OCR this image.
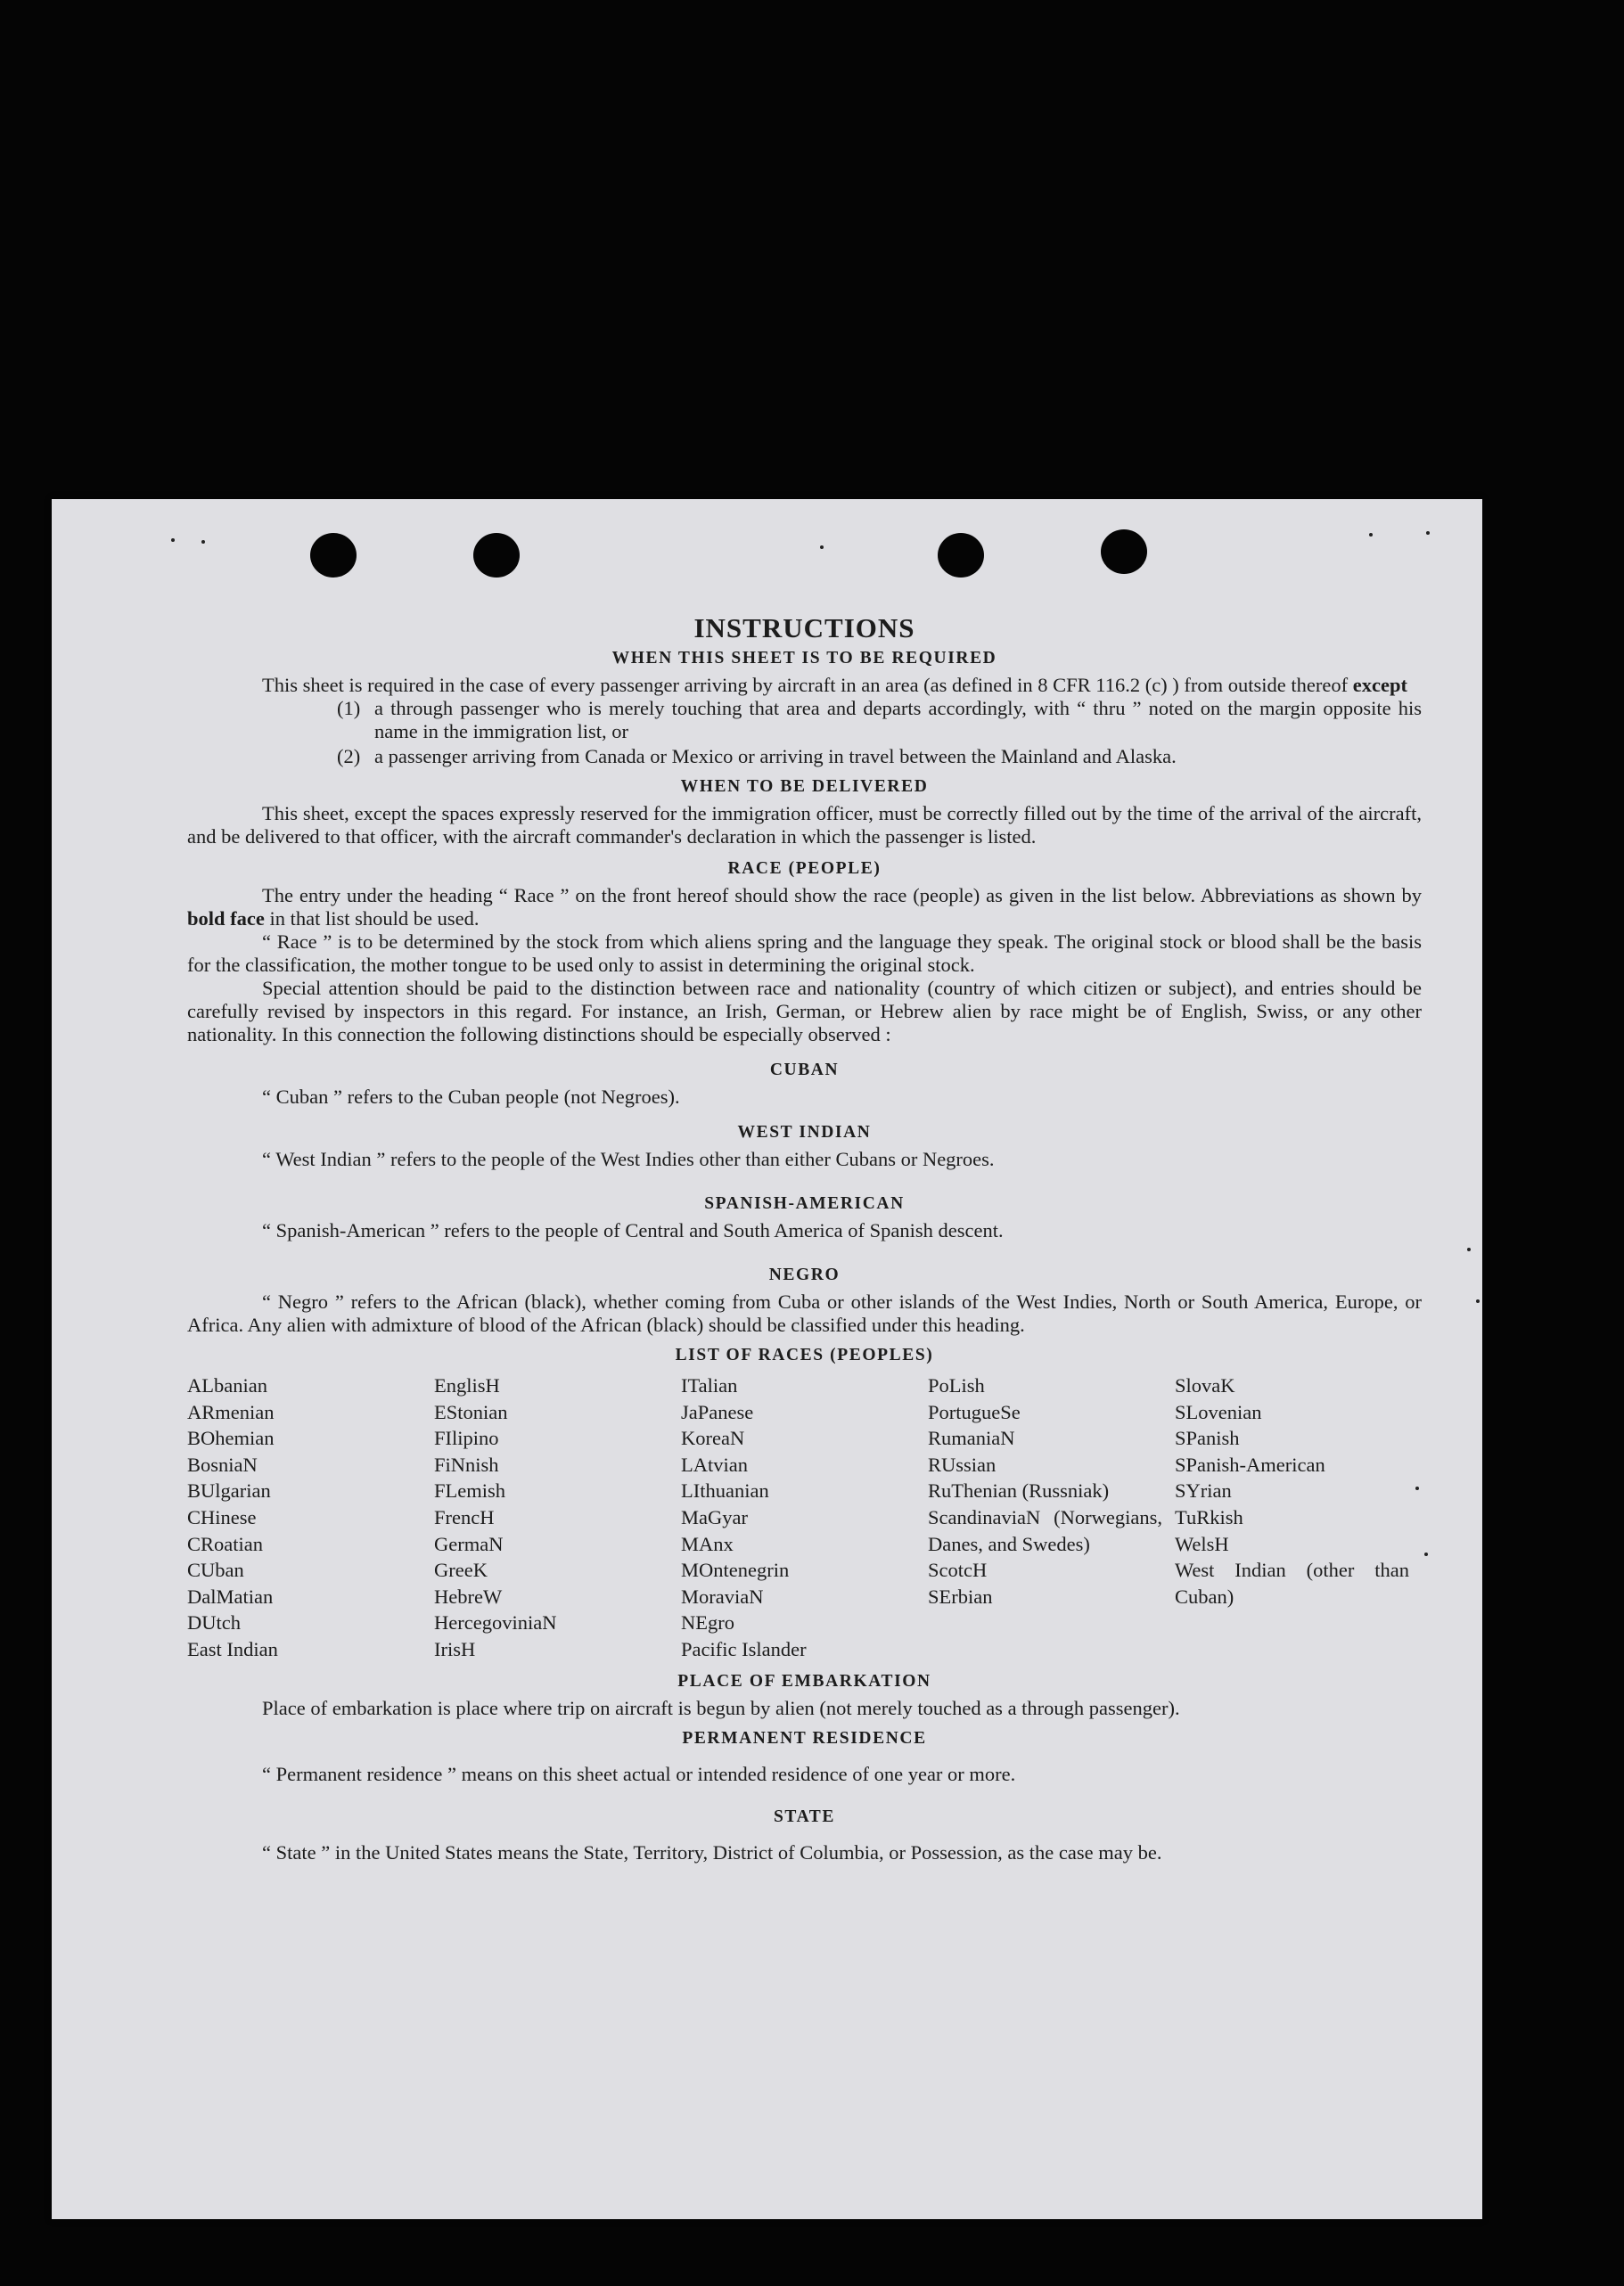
INSTRUCTIONS
WHEN THIS SHEET IS TO BE REQUIRED

This sheet is required in the case of every passenger arriving by aircraft in an area (as defined in 8 CFR 116.2 (c) ) from outside thereof except

(1) a through passenger who is merely touching that area and departs accordingly, with “ thru ” noted on the margin opposite his name in the immigration list, or
(2) a passenger arriving from Canada or Mexico or arriving in travel between the Mainland and Alaska.
WHEN TO BE DELIVERED

This sheet, except the spaces expressly reserved for the immigration officer, must be correctly filled out by the time of the arrival of the aircraft, and be delivered to that officer, with the aircraft commander's declaration in which the passenger is listed.

RACE (PEOPLE)

The entry under the heading “ Race ” on the front hereof should show the race (people) as given in the list below. Abbreviations as shown by bold face in that list should be used.

“ Race ” is to be determined by the stock from which aliens spring and the language they speak. The original stock or blood shall be the basis for the classification, the mother tongue to be used only to assist in determining the original stock.

Special attention should be paid to the distinction between race and nationality (country of which citizen or subject), and entries should be carefully revised by inspectors in this regard. For instance, an Irish, German, or Hebrew alien by race might be of English, Swiss, or any other nationality. In this connection the following distinctions should be especially observed :

CUBAN

“ Cuban ” refers to the Cuban people (not Negroes).

WEST INDIAN

“ West Indian ” refers to the people of the West Indies other than either Cubans or Negroes.

SPANISH-AMERICAN

“ Spanish-American ” refers to the people of Central and South America of Spanish descent.

NEGRO

“ Negro ” refers to the African (black), whether coming from Cuba or other islands of the West Indies, North or South America, Europe, or Africa. Any alien with admixture of blood of the African (black) should be classified under this heading.

LIST OF RACES (PEOPLES)

ALbanian

ARmenian

BOhemian

BosniaN

BUlgarian

CHinese

CRoatian

CUban

DalMatian

DUtch

East Indian

EnglisH

EStonian

FIlipino

FiNnish

FLemish

FrencH

GermaN

GreeK

HebreW

HercegoviniaN

IrisH

ITalian

JaPanese

KoreaN

LAtvian

LIthuanian

MaGyar

MAnx

MOntenegrin

MoraviaN

NEgro

Pacific Islander

PoLish

PortugueSe

RumaniaN

RUssian

RuThenian (Russniak)

ScandinaviaN (Norwegians, Danes, and Swedes)

ScotcH

SErbian

SlovaK

SLovenian

SPanish

SPanish-American

SYrian

TuRkish

WelsH

West Indian (other than Cuban)

PLACE OF EMBARKATION

Place of embarkation is place where trip on aircraft is begun by alien (not merely touched as a through passenger).

PERMANENT RESIDENCE

“ Permanent residence ” means on this sheet actual or intended residence of one year or more.

STATE

“ State ” in the United States means the State, Territory, District of Columbia, or Possession, as the case may be.
